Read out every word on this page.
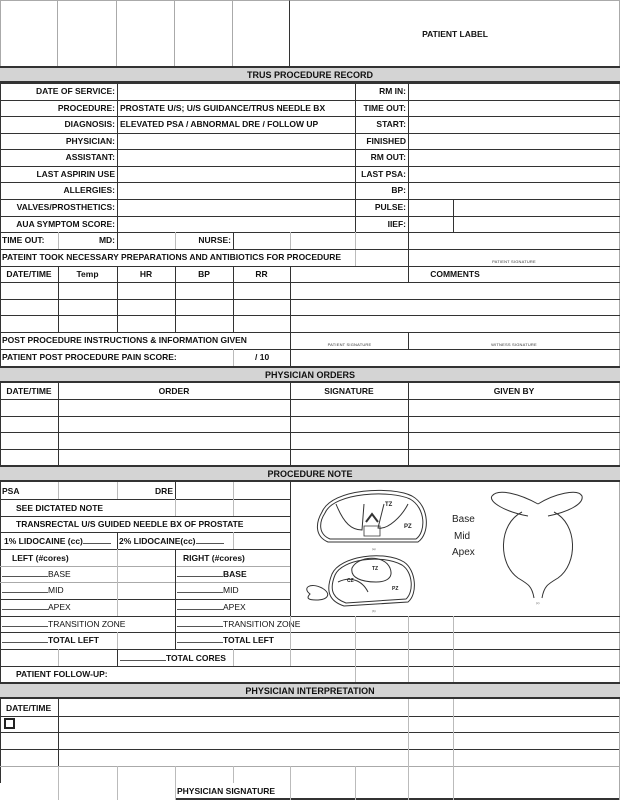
PATIENT LABEL
TRUS PROCEDURE RECORD
DATE OF SERVICE:	RM IN:
PROCEDURE: PROSTATE U/S; U/S GUIDANCE/TRUS NEEDLE BX	TIME OUT:
DIAGNOSIS: ELEVATED PSA / ABNORMAL DRE / FOLLOW UP	START:
PHYSICIAN:	FINISHED
ASSISTANT:	RM OUT:
LAST ASPIRIN USE	LAST PSA:
ALLERGIES:	BP:
VALVES/PROSTHETICS:	PULSE:
AUA SYMPTOM SCORE:	IIEF:
TIME OUT:	MD:	NURSE:
PATEINT TOOK NECESSARY PREPARATIONS AND ANTIBIOTICS FOR PROCEDURE	PATIENT SIGNATURE
DATE/TIME	Temp	HR	BP	RR	COMMENTS
POST PROCEDURE INSTRUCTIONS & INFORMATION GIVEN	PATIENT SIGNATURE	WITNESS SIGNATURE
PATIENT POST PROCEDURE PAIN SCORE:	/ 10
PHYSICIAN ORDERS
DATE/TIME	ORDER	SIGNATURE	GIVEN BY
PROCEDURE NOTE
PSA	DRE
SEE DICTATED NOTE
TRANSRECTAL U/S GUIDED NEEDLE BX OF PROSTATE
1% LIDOCAINE (cc)	2% LIDOCAINE(cc)
LEFT (#cores)	RIGHT (#cores)
BASE	BASE
MID	MID
APEX	APEX
TRANSITION ZONE	TRANSITION ZONE
TOTAL LEFT	TOTAL LEFT
TOTAL CORES
PATIENT FOLLOW-UP:
TZ
PZ
(a)
TZ
CZ
PZ
(b)
Base
Mid
Apex
(c)
PHYSICIAN INTERPRETATION
DATE/TIME
PHYSICIAN SIGNATURE
